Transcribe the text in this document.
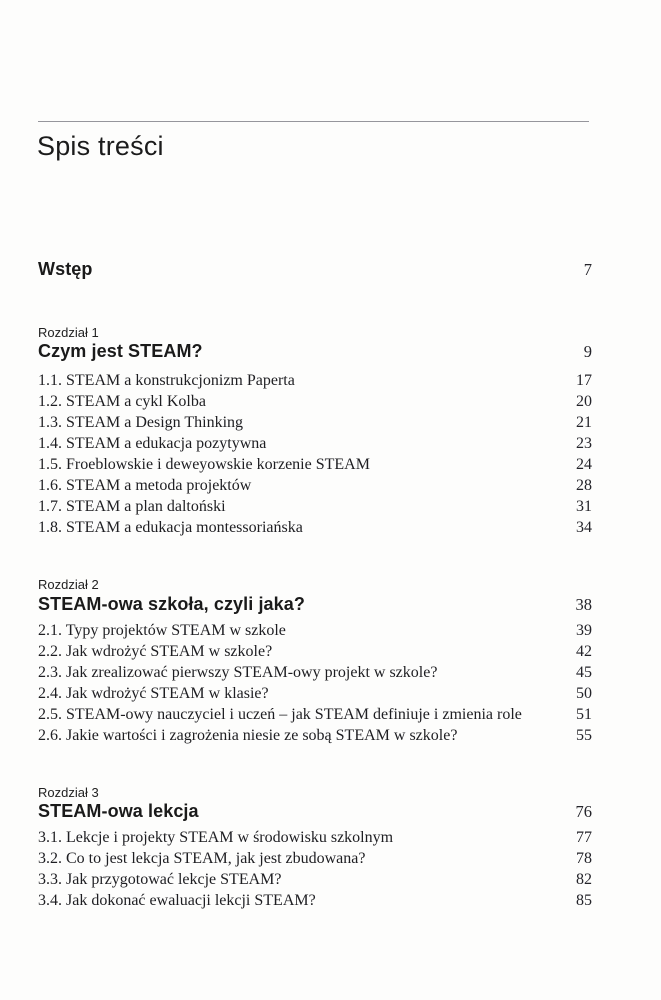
Spis treści
Wstęp	7
Rozdział 1
Czym jest STEAM?	9
1.1. STEAM a konstrukcjonizm Paperta	17
1.2. STEAM a cykl Kolba	20
1.3. STEAM a Design Thinking	21
1.4. STEAM a edukacja pozytywna	23
1.5. Froeblowskie i deweyowskie korzenie STEAM	24
1.6. STEAM a metoda projektów	28
1.7. STEAM a plan daltoński	31
1.8. STEAM a edukacja montessoriańska	34
Rozdział 2
STEAM-owa szkoła, czyli jaka?	38
2.1. Typy projektów STEAM w szkole	39
2.2. Jak wdrożyć STEAM w szkole?	42
2.3. Jak zrealizować pierwszy STEAM-owy projekt w szkole?	45
2.4. Jak wdrożyć STEAM w klasie?	50
2.5. STEAM-owy nauczyciel i uczeń – jak STEAM definiuje i zmienia role	51
2.6. Jakie wartości i zagrożenia niesie ze sobą STEAM w szkole?	55
Rozdział 3
STEAM-owa lekcja	76
3.1. Lekcje i projekty STEAM w środowisku szkolnym	77
3.2. Co to jest lekcja STEAM, jak jest zbudowana?	78
3.3. Jak przygotować lekcje STEAM?	82
3.4. Jak dokonać ewaluacji lekcji STEAM?	85
